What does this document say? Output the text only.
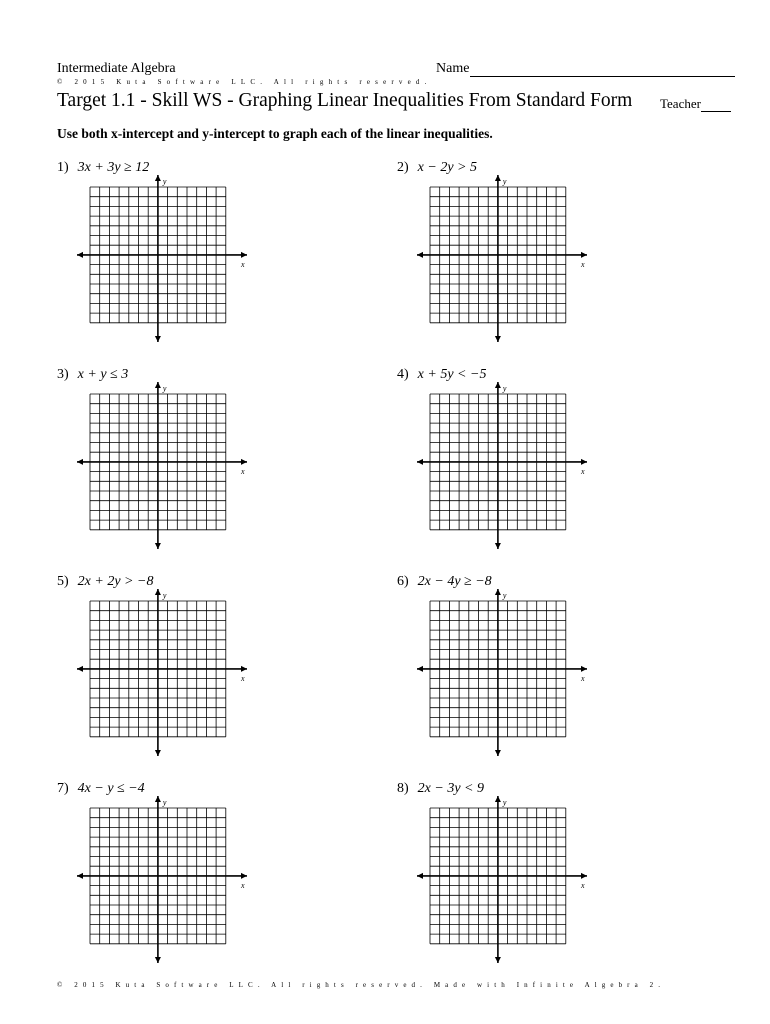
Intermediate Algebra	Name
© 2015 Kuta Software LLC. All rights reserved.
Target 1.1 - Skill WS - Graphing Linear Inequalities From Standard Form Teacher
Use both x-intercept and y-intercept to graph each of the linear inequalities.
1) 3x + 3y ≥ 12
x
y
2) x − 2y > 5
x
y
3) x + y ≤ 3
x
y
4) x + 5y < −5
x
y
5) 2x + 2y > −8
x
y
6) 2x − 4y ≥ −8
x
y
7) 4x − y ≤ −4
x
y
8) 2x − 3y < 9
x
y
© 2015 Kuta Software LLC. All rights reserved. Made with Infinite Algebra 2.
